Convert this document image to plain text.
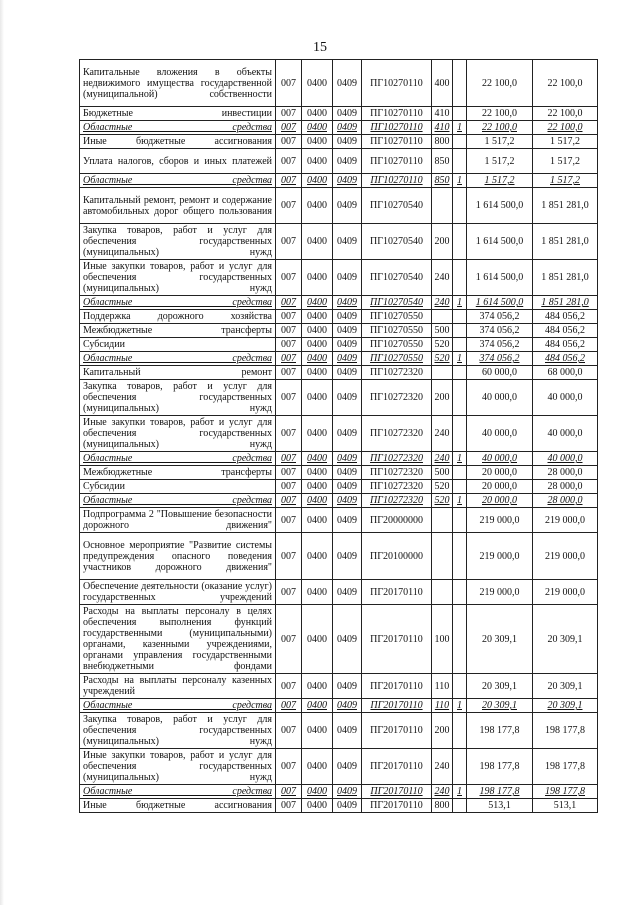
15
Капитальные вложения в объекты недвижимого имущества государственной (муниципальной) собственности	007	0400	0409	ПГ10270110	400		22 100,0	22 100,0
Бюджетные инвестиции	007	0400	0409	ПГ10270110	410		22 100,0	22 100,0
Областные средства	007	0400	0409	ПГ10270110	410	1	22 100,0	22 100,0
Иные бюджетные ассигнования	007	0400	0409	ПГ10270110	800		1 517,2	1 517,2
Уплата налогов, сборов и иных платежей	007	0400	0409	ПГ10270110	850		1 517,2	1 517,2
Областные средства	007	0400	0409	ПГ10270110	850	1	1 517,2	1 517,2
Капитальный ремонт, ремонт и содержание автомобильных дорог общего пользования	007	0400	0409	ПГ10270540			1 614 500,0	1 851 281,0
Закупка товаров, работ и услуг для обеспечения государственных (муниципальных) нужд	007	0400	0409	ПГ10270540	200		1 614 500,0	1 851 281,0
Иные закупки товаров, работ и услуг для обеспечения государственных (муниципальных) нужд	007	0400	0409	ПГ10270540	240		1 614 500,0	1 851 281,0
Областные средства	007	0400	0409	ПГ10270540	240	1	1 614 500,0	1 851 281,0
Поддержка дорожного хозяйства	007	0400	0409	ПГ10270550			374 056,2	484 056,2
Межбюджетные трансферты	007	0400	0409	ПГ10270550	500		374 056,2	484 056,2
Субсидии	007	0400	0409	ПГ10270550	520		374 056,2	484 056,2
Областные средства	007	0400	0409	ПГ10270550	520	1	374 056,2	484 056,2
Капитальный ремонт	007	0400	0409	ПГ10272320			60 000,0	68 000,0
Закупка товаров, работ и услуг для обеспечения государственных (муниципальных) нужд	007	0400	0409	ПГ10272320	200		40 000,0	40 000,0
Иные закупки товаров, работ и услуг для обеспечения государственных (муниципальных) нужд	007	0400	0409	ПГ10272320	240		40 000,0	40 000,0
Областные средства	007	0400	0409	ПГ10272320	240	1	40 000,0	40 000,0
Межбюджетные трансферты	007	0400	0409	ПГ10272320	500		20 000,0	28 000,0
Субсидии	007	0400	0409	ПГ10272320	520		20 000,0	28 000,0
Областные средства	007	0400	0409	ПГ10272320	520	1	20 000,0	28 000,0
Подпрограмма 2 "Повышение безопасности дорожного движения"	007	0400	0409	ПГ20000000			219 000,0	219 000,0
Основное мероприятие "Развитие системы предупреждения опасного поведения участников дорожного движения"	007	0400	0409	ПГ20100000			219 000,0	219 000,0
Обеспечение деятельности (оказание услуг) государственных учреждений	007	0400	0409	ПГ20170110			219 000,0	219 000,0
Расходы на выплаты персоналу в целях обеспечения выполнения функций государственными (муниципальными) органами, казенными учреждениями, органами управления государственными внебюджетными фондами	007	0400	0409	ПГ20170110	100		20 309,1	20 309,1
Расходы на выплаты персоналу казенных учреждений	007	0400	0409	ПГ20170110	110		20 309,1	20 309,1
Областные средства	007	0400	0409	ПГ20170110	110	1	20 309,1	20 309,1
Закупка товаров, работ и услуг для обеспечения государственных (муниципальных) нужд	007	0400	0409	ПГ20170110	200		198 177,8	198 177,8
Иные закупки товаров, работ и услуг для обеспечения государственных (муниципальных) нужд	007	0400	0409	ПГ20170110	240		198 177,8	198 177,8
Областные средства	007	0400	0409	ПГ20170110	240	1	198 177,8	198 177,8
Иные бюджетные ассигнования	007	0400	0409	ПГ20170110	800		513,1	513,1
